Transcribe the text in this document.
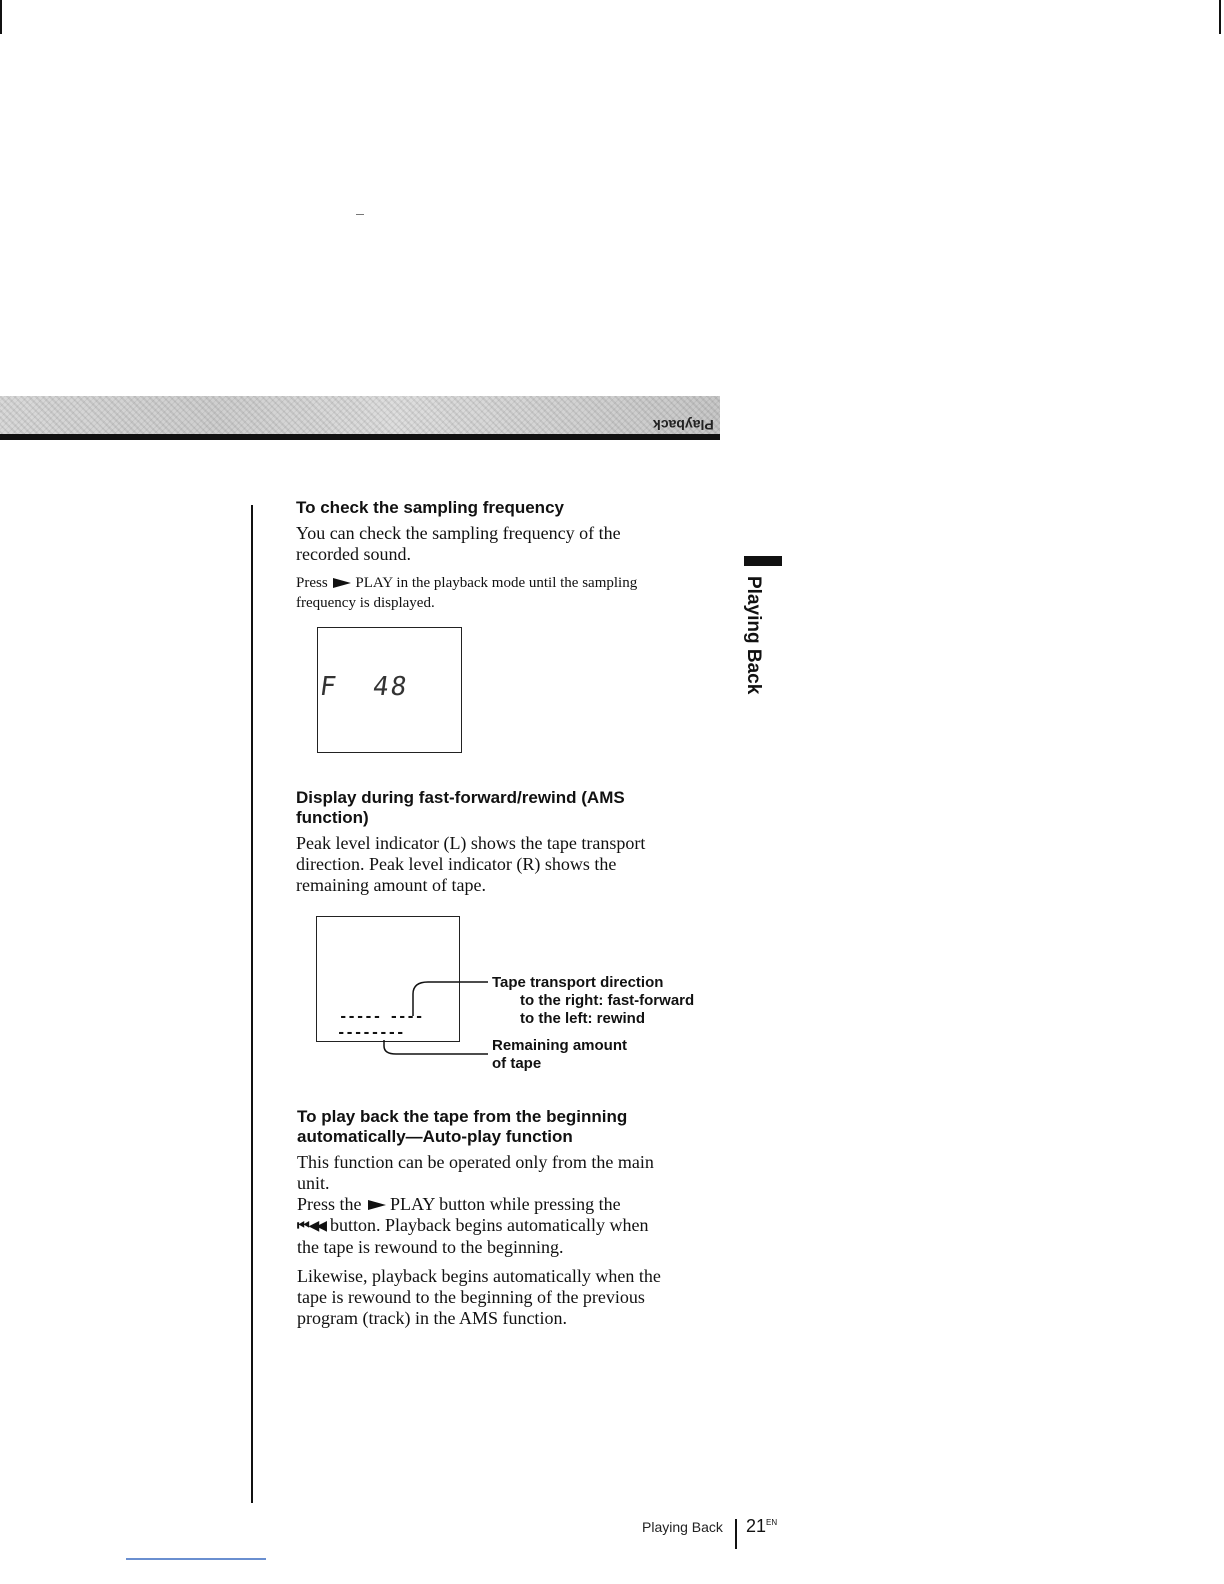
Playback
Playing Back
To check the sampling frequency

You can check the sampling frequency of the

recorded sound.

Press PLAY in the playback mode until the sampling

frequency is displayed.

F  48
Display during fast-forward/rewind (AMS
function)

Peak level indicator (L) shows the tape transport

direction. Peak level indicator (R) shows the

remaining amount of tape.

----- ----
--------
Tape transport direction
to the right: fast-forward
to the left: rewind
Remaining amount
of tape
To play back the tape from the beginning
automatically—Auto-play function

This function can be operated only from the main

unit.

Press the PLAY button while pressing the

⏮ ◀◀ button. Playback begins automatically when

the tape is rewound to the beginning.

Likewise, playback begins automatically when the

tape is rewound to the beginning of the previous

program (track) in the AMS function.

Playing Back $21^{EN}$
